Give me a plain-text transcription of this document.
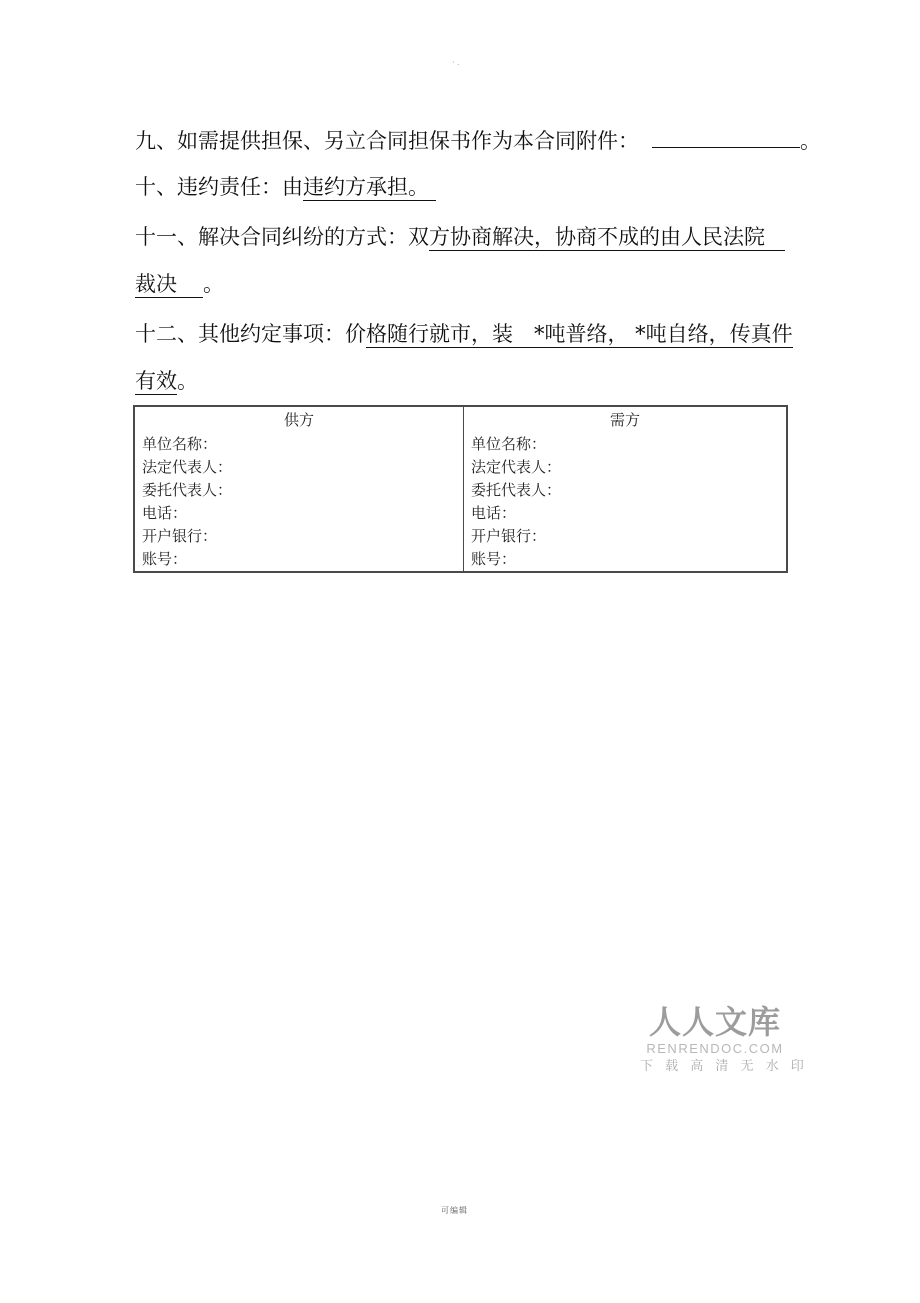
·.
九、如需提供担保、另立合同担保书作为本合同附件：	。
十、违约责任：由违约方承担。
十一、解决合同纠纷的方式：双方协商解决，协商不成的由人民法院
裁决 。
十二、其他约定事项：价格随行就市，装　*吨普络， *吨自络，传真件
有效。
供方
单位名称：
法定代表人：
委托代表人：
电话：
开户银行：
账号：
需方
单位名称：
法定代表人：
委托代表人：
电话：
开户银行：
账号：
人人文库
RENRENDOC.COM
下 载 高 清 无 水 印
可编辑
